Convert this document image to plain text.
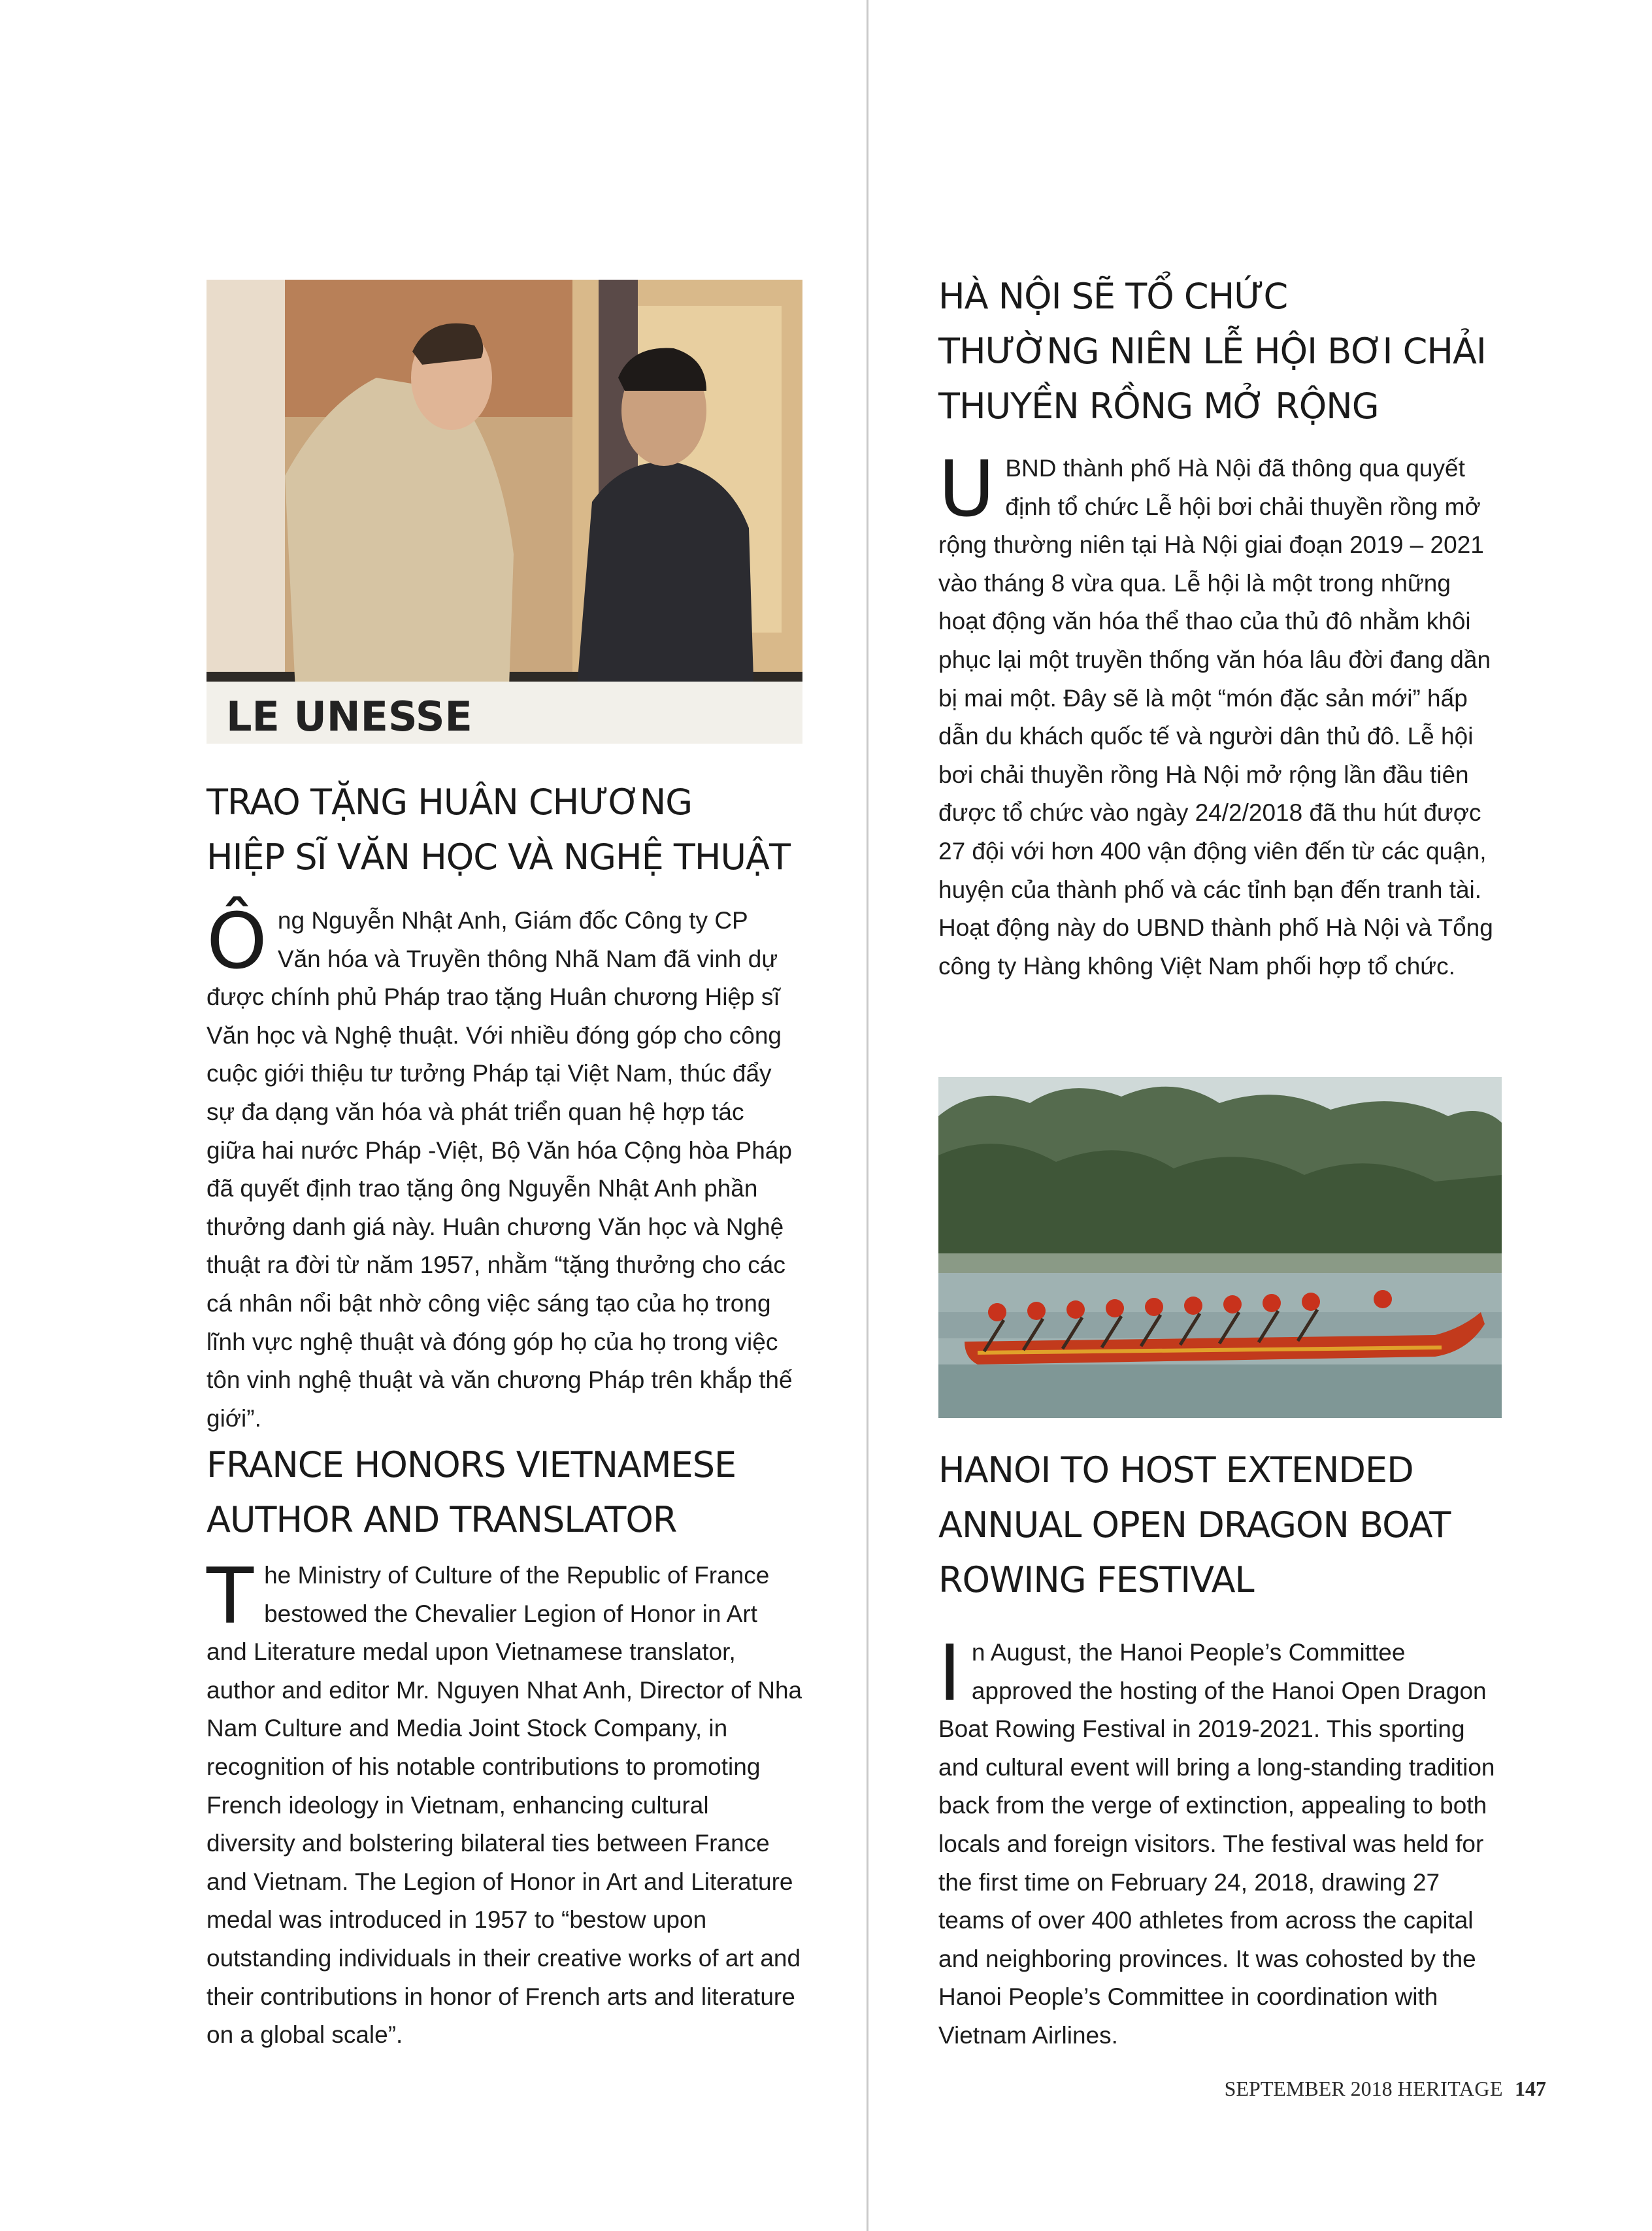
LE UNESSE
TRAO TẶNG HUÂN CHƯƠNG
HIỆP SĨ VĂN HỌC VÀ NGHỆ THUẬT

Ông Nguyễn Nhật Anh, Giám đốc Công ty CP Văn hóa và Truyền thông Nhã Nam đã vinh dự được chính phủ Pháp trao tặng Huân chương Hiệp sĩ Văn học và Nghệ thuật. Với nhiều đóng góp cho công cuộc giới thiệu tư tưởng Pháp tại Việt Nam, thúc đẩy sự đa dạng văn hóa và phát triển quan hệ hợp tác giữa hai nước Pháp -Việt, Bộ Văn hóa Cộng hòa Pháp đã quyết định trao tặng ông Nguyễn Nhật Anh phần thưởng danh giá này. Huân chương Văn học và Nghệ thuật ra đời từ năm 1957, nhằm “tặng thưởng cho các cá nhân nổi bật nhờ công việc sáng tạo của họ trong lĩnh vực nghệ thuật và đóng góp họ của họ trong việc tôn vinh nghệ thuật và văn chương Pháp trên khắp thế giới”.

FRANCE HONORS VIETNAMESE
AUTHOR AND TRANSLATOR

The Ministry of Culture of the Republic of France bestowed the Chevalier Legion of Honor in Art and Literature medal upon Vietnamese translator, author and editor Mr. Nguyen Nhat Anh, Director of Nha Nam Culture and Media Joint Stock Company, in recognition of his notable contributions to promoting French ideology in Vietnam, enhancing cultural diversity and bolstering bilateral ties between France and Vietnam. The Legion of Honor in Art and Literature medal was introduced in 1957 to “bestow upon outstanding individuals in their creative works of art and their contributions in honor of French arts and literature on a global scale”.

HÀ NỘI SẼ TỔ CHỨC
THƯỜNG NIÊN LỄ HỘI BƠI CHẢI
THUYỀN RỒNG MỞ RỘNG

UBND thành phố Hà Nội đã thông qua quyết định tổ chức Lễ hội bơi chải thuyền rồng mở rộng thường niên tại Hà Nội giai đoạn 2019 – 2021 vào tháng 8 vừa qua. Lễ hội là một trong những hoạt động văn hóa thể thao của thủ đô nhằm khôi phục lại một truyền thống văn hóa lâu đời đang dần bị mai một. Đây sẽ là một “món đặc sản mới” hấp dẫn du khách quốc tế và người dân thủ đô. Lễ hội bơi chải thuyền rồng Hà Nội mở rộng lần đầu tiên được tổ chức vào ngày 24/2/2018 đã thu hút được 27 đội với hơn 400 vận động viên đến từ các quận, huyện của thành phố và các tỉnh bạn đến tranh tài. Hoạt động này do UBND thành phố Hà Nội và Tổng công ty Hàng không Việt Nam phối hợp tổ chức.

HANOI TO HOST EXTENDED
ANNUAL OPEN DRAGON BOAT
ROWING FESTIVAL

In August, the Hanoi People’s Committee approved the hosting of the Hanoi Open Dragon Boat Rowing Festival in 2019-2021. This sporting and cultural event will bring a long-standing tradition back from the verge of extinction, appealing to both locals and foreign visitors. The festival was held for the first time on February 24, 2018, drawing 27 teams of over 400 athletes from across the capital and neighboring provinces. It was cohosted by the Hanoi People’s Committee in coordination with Vietnam Airlines.

SEPTEMBER 2018 HERITAGE 147
